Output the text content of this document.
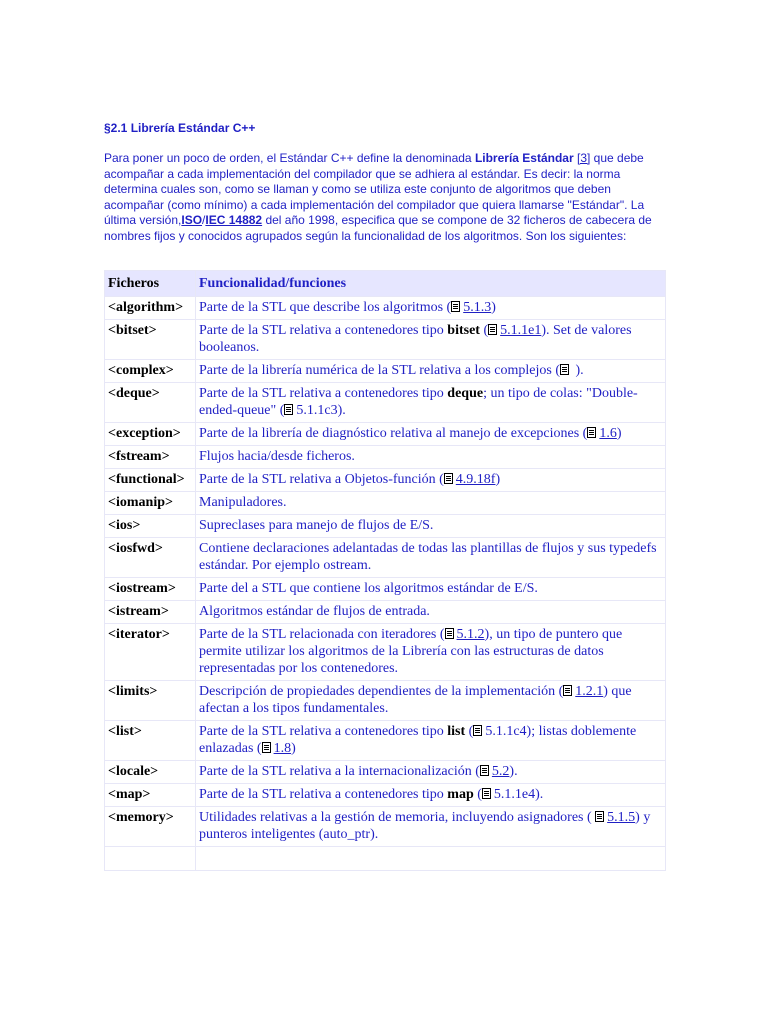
§2.1 Librería Estándar C++
Para poner un poco de orden, el Estándar C++ define la denominada Librería Estándar [3] que debe acompañar a cada implementación del compilador que se adhiera al estándar. Es decir: la norma determina cuales son, como se llaman y como se utiliza este conjunto de algoritmos que deben acompañar (como mínimo) a cada implementación del compilador que quiera llamarse "Estándar". La última versión,ISO/IEC 14882 del año 1998, especifica que se compone de 32 ficheros de cabecera de nombres fijos y conocidos agrupados según la funcionalidad de los algoritmos. Son los siguientes:
Ficheros	Funcionalidad/funciones
<algorithm>	Parte de la STL que describe los algoritmos ( 5.1.3)
<bitset>	Parte de la STL relativa a contenedores tipo bitset ( 5.1.1e1). Set de valores booleanos.
<complex>	Parte de la librería numérica de la STL relativa a los complejos ( ).
<deque>	Parte de la STL relativa a contenedores tipo deque; un tipo de colas: "Double-ended-queue" ( 5.1.1c3).
<exception>	Parte de la librería de diagnóstico relativa al manejo de excepciones ( 1.6)
<fstream>	Flujos hacia/desde ficheros.
<functional>	Parte de la STL relativa a Objetos-función ( 4.9.18f)
<iomanip>	Manipuladores.
<ios>	Supreclases para manejo de flujos de E/S.
<iosfwd>	Contiene declaraciones adelantadas de todas las plantillas de flujos y sus typedefs estándar. Por ejemplo ostream.
<iostream>	Parte del a STL que contiene los algoritmos estándar de E/S.
<istream>	Algoritmos estándar de flujos de entrada.
<iterator>	Parte de la STL relacionada con iteradores ( 5.1.2), un tipo de puntero que permite utilizar los algoritmos de la Librería con las estructuras de datos representadas por los contenedores.
<limits>	Descripción de propiedades dependientes de la implementación ( 1.2.1) que afectan a los tipos fundamentales.
<list>	Parte de la STL relativa a contenedores tipo list ( 5.1.1c4); listas doblemente enlazadas ( 1.8)
<locale>	Parte de la STL relativa a la internacionalización ( 5.2).
<map>	Parte de la STL relativa a contenedores tipo map ( 5.1.1e4).
<memory>	Utilidades relativas a la gestión de memoria, incluyendo asignadores ( 5.1.5) y punteros inteligentes (auto_ptr).
